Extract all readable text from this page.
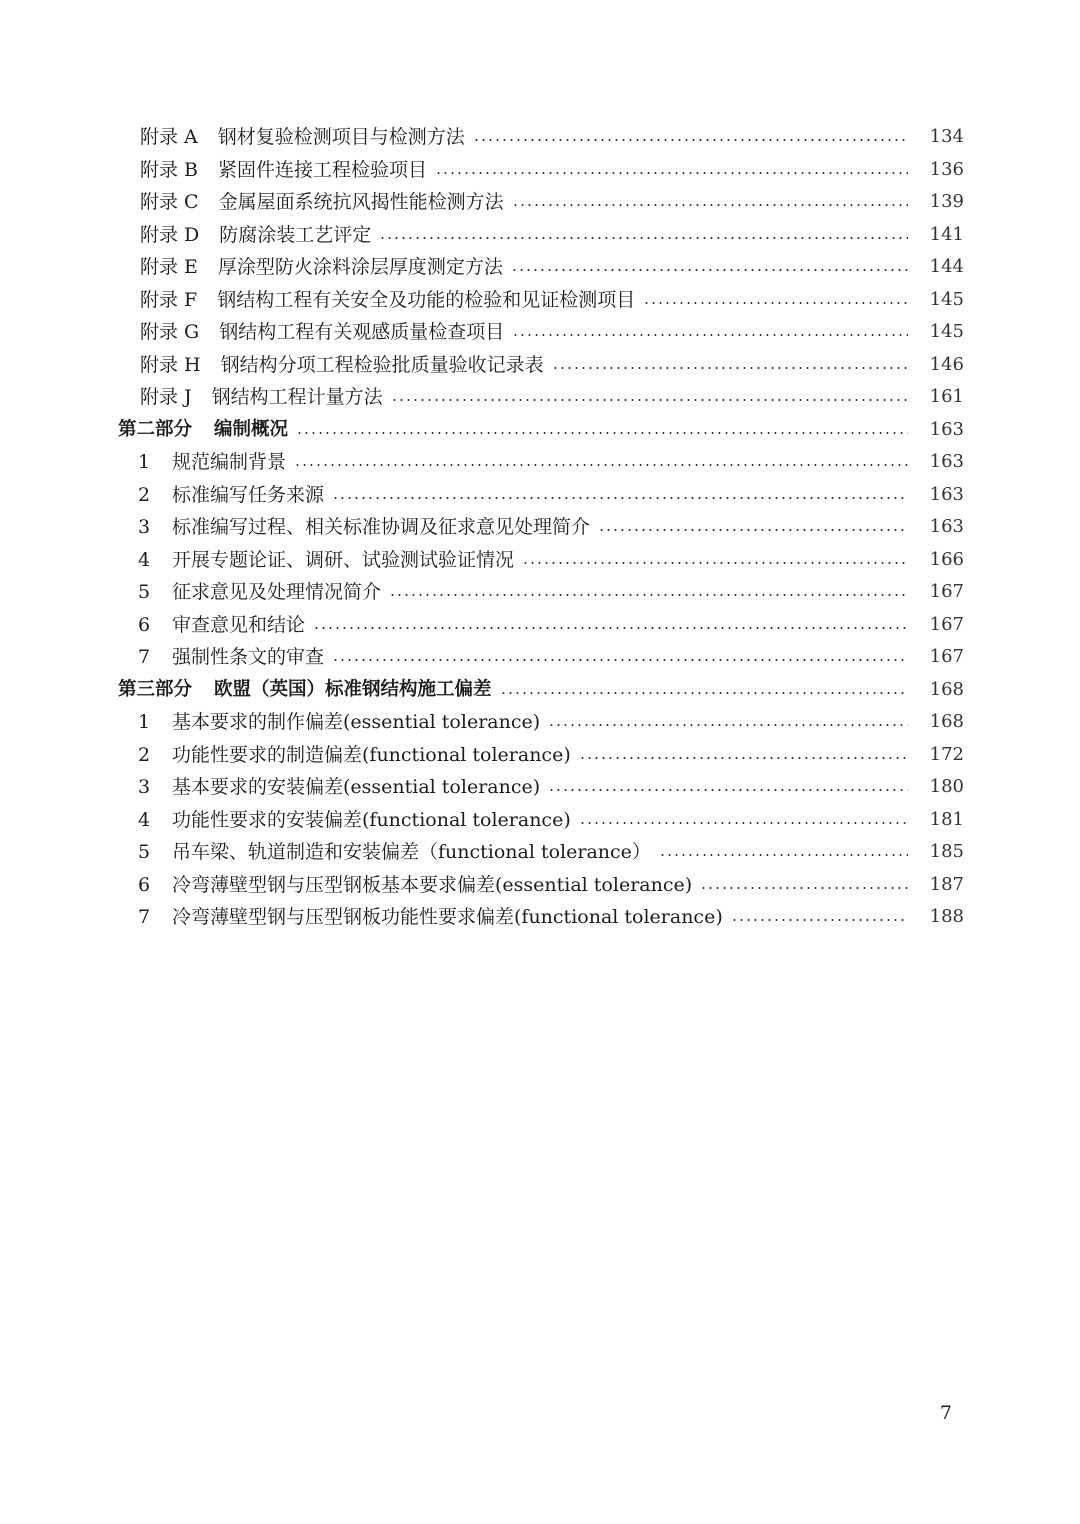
附录 A	钢材复验检测项目与检测方法	134
附录 B	紧固件连接工程检验项目	136
附录 C	金属屋面系统抗风揭性能检测方法	139
附录 D	防腐涂装工艺评定	141
附录 E	厚涂型防火涂料涂层厚度测定方法	144
附录 F	钢结构工程有关安全及功能的检验和见证检测项目	145
附录 G	钢结构工程有关观感质量检查项目	145
附录 H	钢结构分项工程检验批质量验收记录表	146
附录 J	钢结构工程计量方法	161
第二部分	编制概况	163
1	规范编制背景	163
2	标准编写任务来源	163
3	标准编写过程、相关标准协调及征求意见处理简介	163
4	开展专题论证、调研、试验测试验证情况	166
5	征求意见及处理情况简介	167
6	审查意见和结论	167
7	强制性条文的审查	167
第三部分	欧盟（英国）标准钢结构施工偏差	168
1	基本要求的制作偏差(essential tolerance)	168
2	功能性要求的制造偏差(functional tolerance)	172
3	基本要求的安装偏差(essential tolerance)	180
4	功能性要求的安装偏差(functional tolerance)	181
5	吊车梁、轨道制造和安装偏差（functional tolerance）	185
6	冷弯薄壁型钢与压型钢板基本要求偏差(essential tolerance)	187
7	冷弯薄壁型钢与压型钢板功能性要求偏差(functional tolerance)	188
7
